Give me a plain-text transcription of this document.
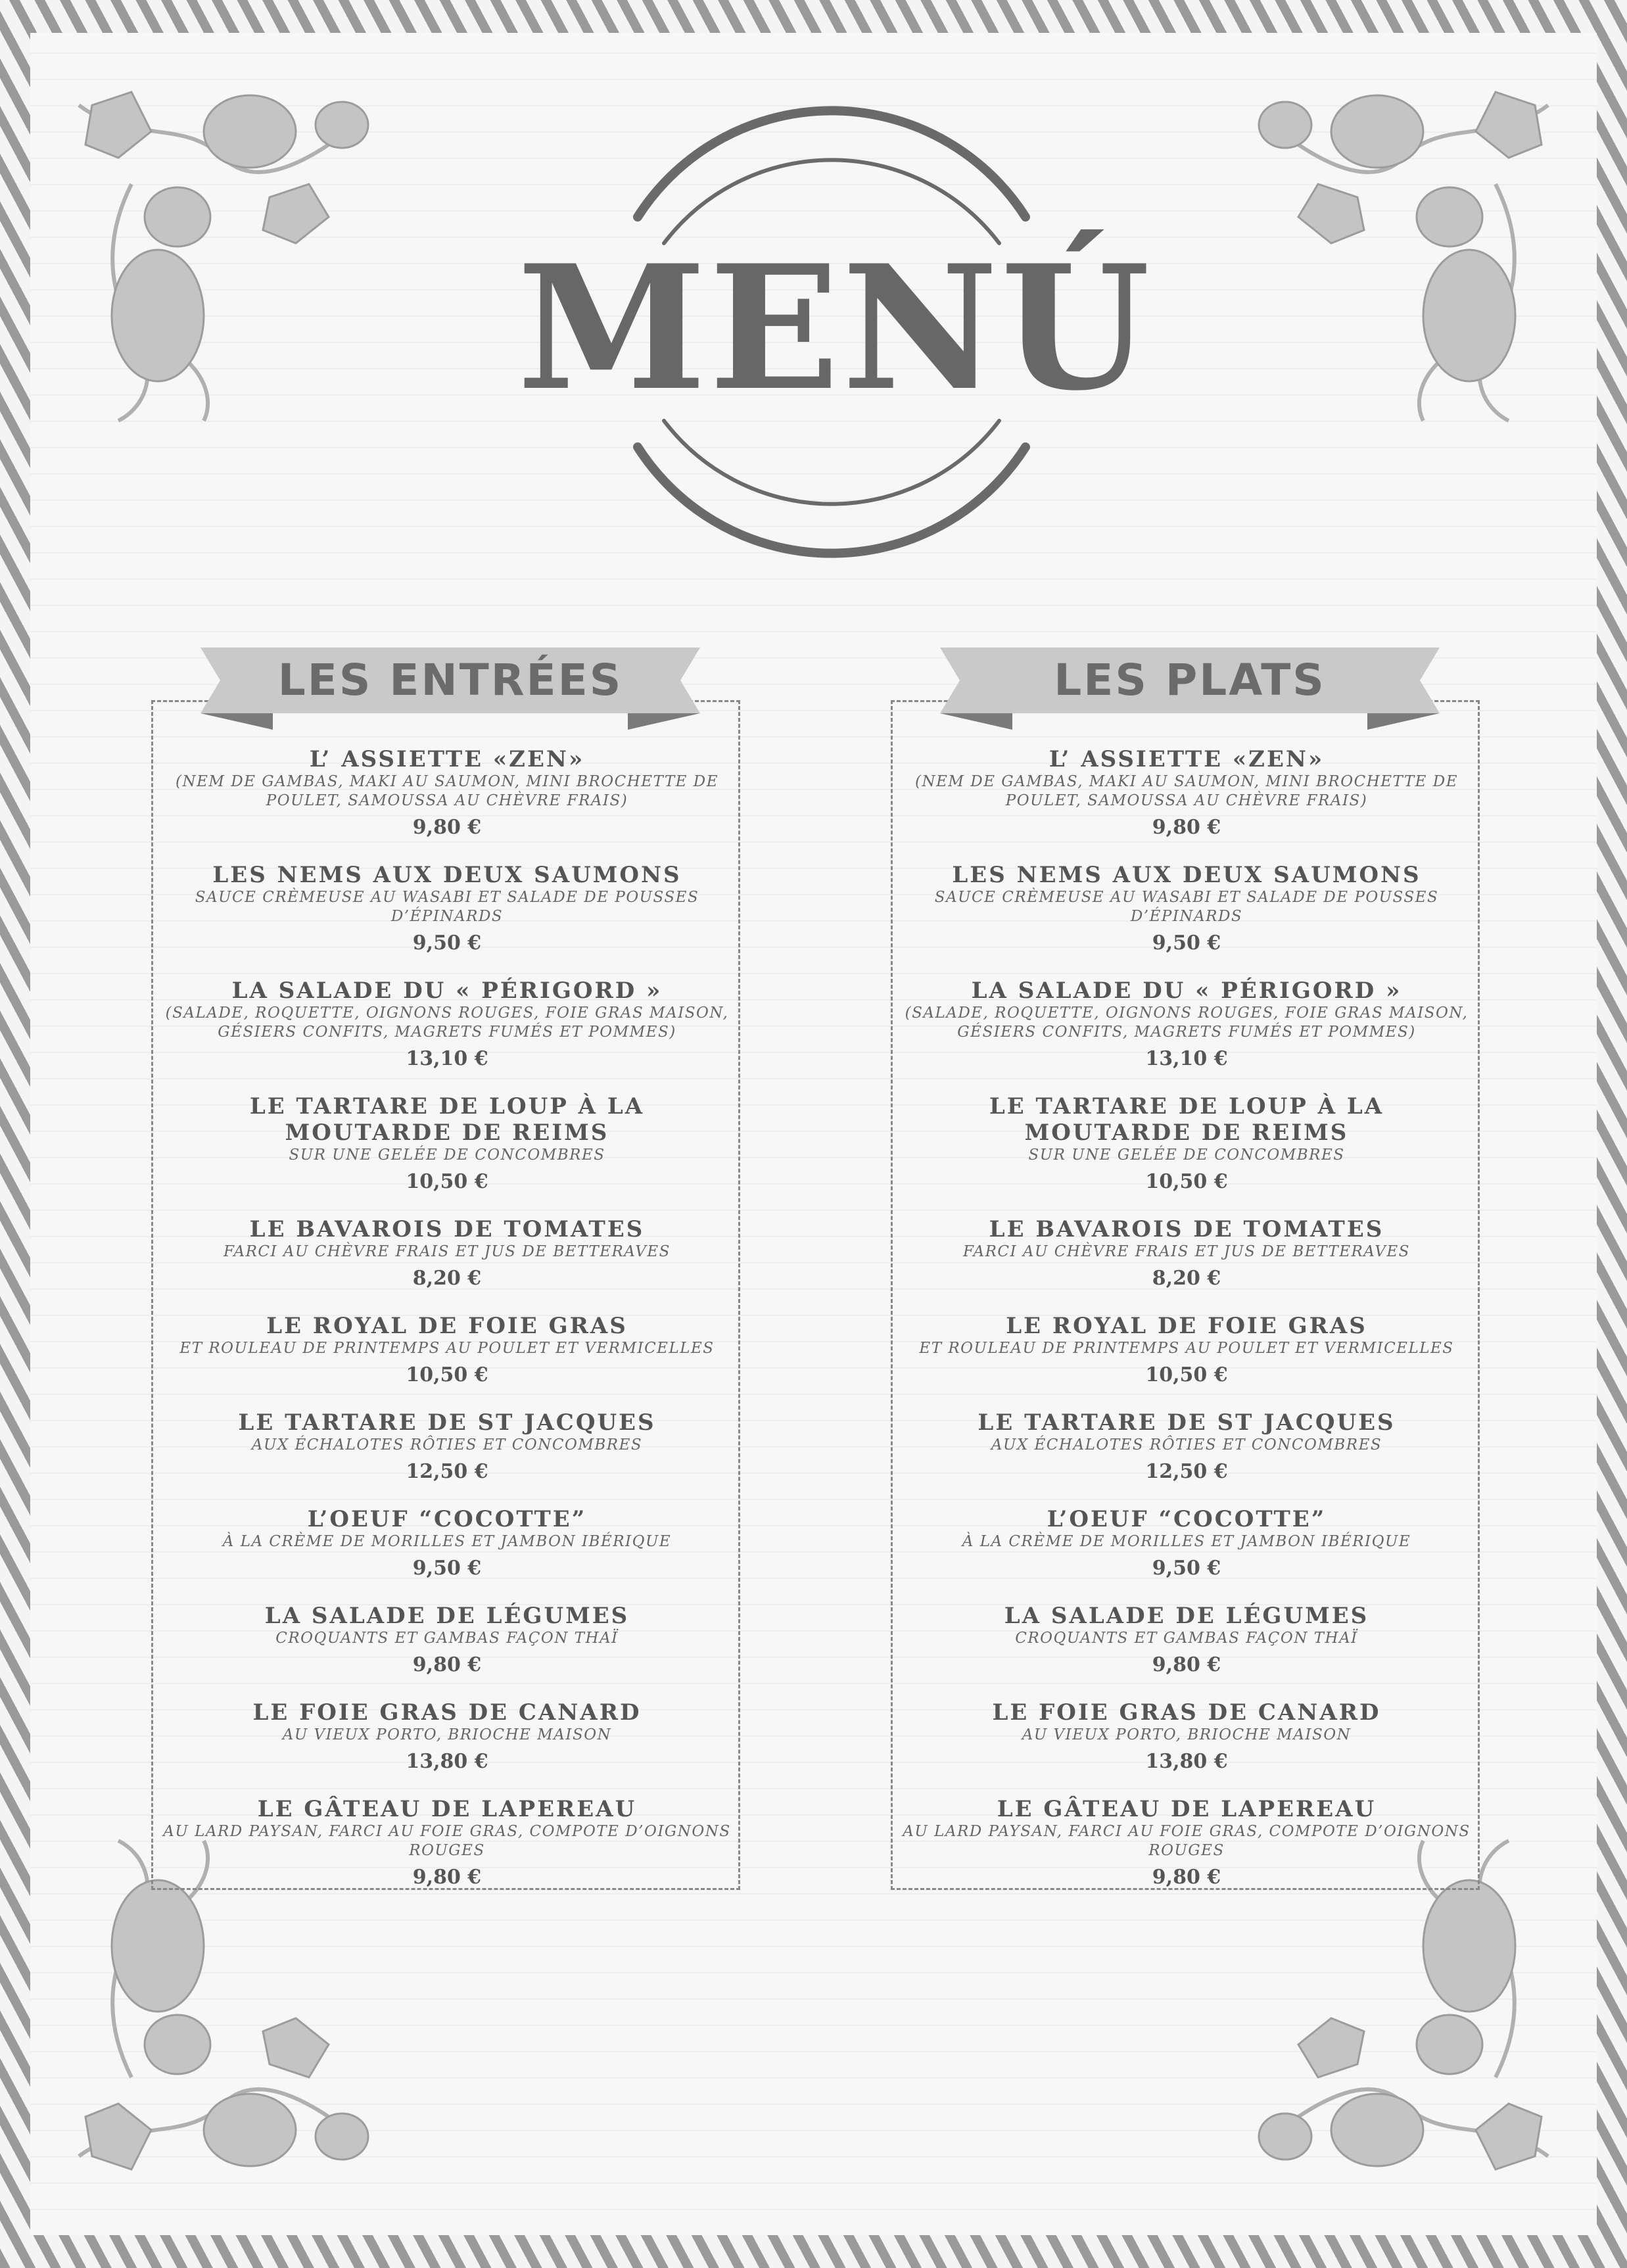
MENÚ
LES ENTRÉES
L’ ASSIETTE «ZEN»
(NEM DE GAMBAS, MAKI AU SAUMON, MINI BROCHETTE DE POULET, SAMOUSSA AU CHÈVRE FRAIS)
9,80 €
LES NEMS AUX DEUX SAUMONS
SAUCE CRÈMEUSE AU WASABI ET SALADE DE POUSSES D’ÉPINARDS
9,50 €
LA SALADE DU « PÉRIGORD »
(SALADE, ROQUETTE, OIGNONS ROUGES, FOIE GRAS MAISON, GÉSIERS CONFITS, MAGRETS FUMÉS ET POMMES)
13,10 €
LE TARTARE DE LOUP À LA MOUTARDE DE REIMS
SUR UNE GELÉE DE CONCOMBRES
10,50 €
LE BAVAROIS DE TOMATES
FARCI AU CHÈVRE FRAIS ET JUS DE BETTERAVES
8,20 €
LE ROYAL DE FOIE GRAS
ET ROULEAU DE PRINTEMPS AU POULET ET VERMICELLES
10,50 €
LE TARTARE DE ST JACQUES
AUX ÉCHALOTES RÔTIES ET CONCOMBRES
12,50 €
L’OEUF “COCOTTE”
À LA CRÈME DE MORILLES ET JAMBON IBÉRIQUE
9,50 €
LA SALADE DE LÉGUMES
CROQUANTS ET GAMBAS FAÇON THAÏ
9,80 €
LE FOIE GRAS DE CANARD
AU VIEUX PORTO, BRIOCHE MAISON
13,80 €
LE GÂTEAU DE LAPEREAU
AU LARD PAYSAN, FARCI AU FOIE GRAS, COMPOTE D’OIGNONS ROUGES
9,80 €
LES PLATS
L’ ASSIETTE «ZEN»
(NEM DE GAMBAS, MAKI AU SAUMON, MINI BROCHETTE DE POULET, SAMOUSSA AU CHÈVRE FRAIS)
9,80 €
LES NEMS AUX DEUX SAUMONS
SAUCE CRÈMEUSE AU WASABI ET SALADE DE POUSSES D’ÉPINARDS
9,50 €
LA SALADE DU « PÉRIGORD »
(SALADE, ROQUETTE, OIGNONS ROUGES, FOIE GRAS MAISON, GÉSIERS CONFITS, MAGRETS FUMÉS ET POMMES)
13,10 €
LE TARTARE DE LOUP À LA MOUTARDE DE REIMS
SUR UNE GELÉE DE CONCOMBRES
10,50 €
LE BAVAROIS DE TOMATES
FARCI AU CHÈVRE FRAIS ET JUS DE BETTERAVES
8,20 €
LE ROYAL DE FOIE GRAS
ET ROULEAU DE PRINTEMPS AU POULET ET VERMICELLES
10,50 €
LE TARTARE DE ST JACQUES
AUX ÉCHALOTES RÔTIES ET CONCOMBRES
12,50 €
L’OEUF “COCOTTE”
À LA CRÈME DE MORILLES ET JAMBON IBÉRIQUE
9,50 €
LA SALADE DE LÉGUMES
CROQUANTS ET GAMBAS FAÇON THAÏ
9,80 €
LE FOIE GRAS DE CANARD
AU VIEUX PORTO, BRIOCHE MAISON
13,80 €
LE GÂTEAU DE LAPEREAU
AU LARD PAYSAN, FARCI AU FOIE GRAS, COMPOTE D’OIGNONS ROUGES
9,80 €
